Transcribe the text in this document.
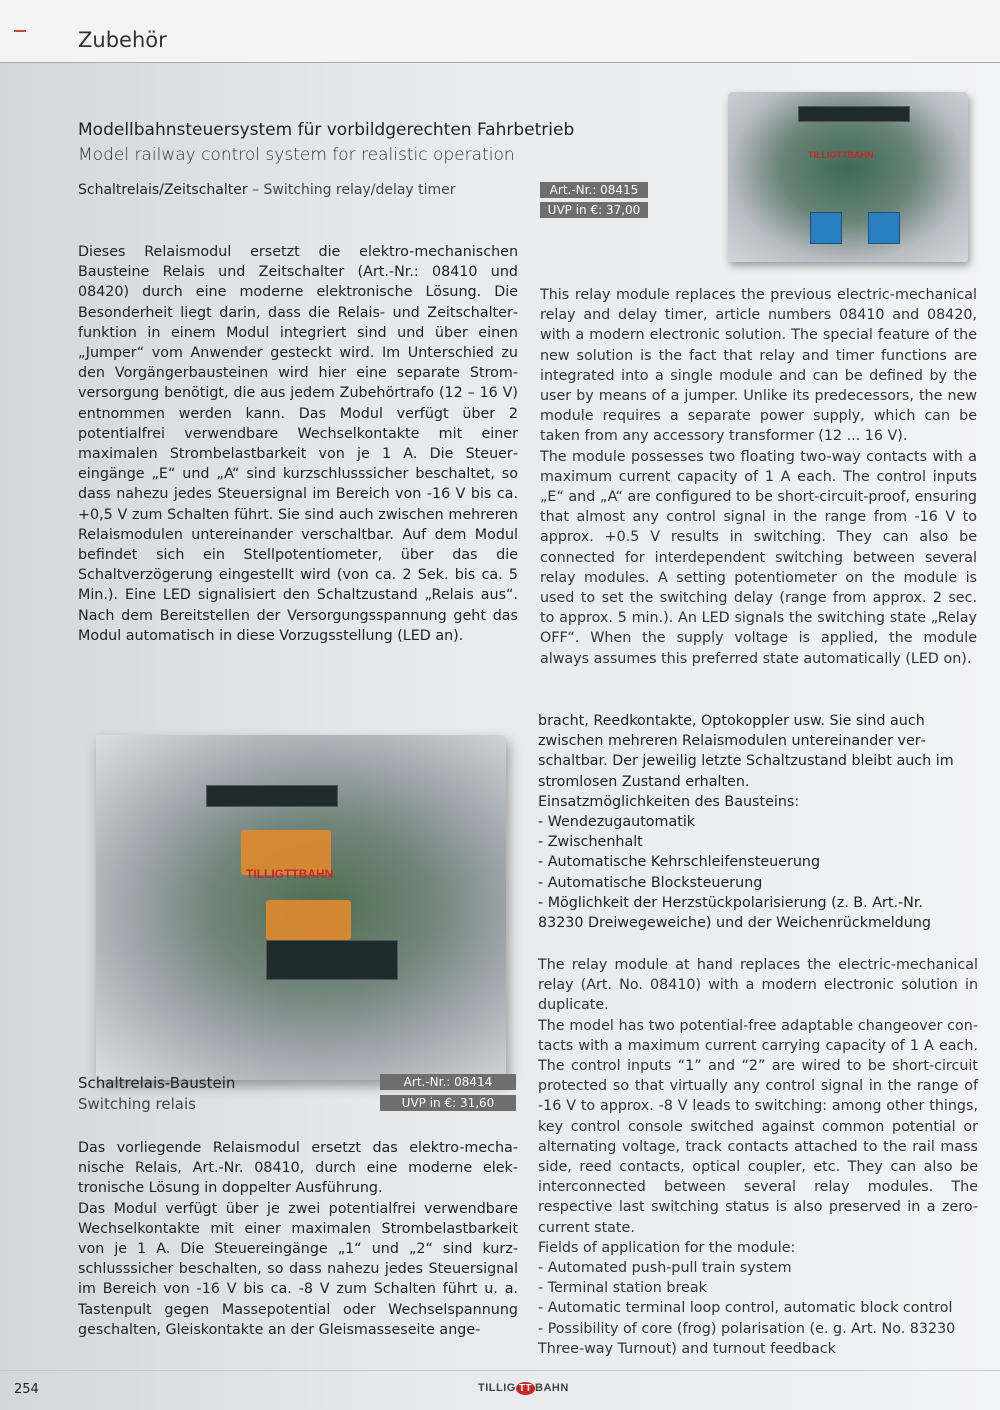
Zubehör
Modellbahnsteuersystem für vorbildgerechten Fahrbetrieb
Model railway control system for realistic operation
Schaltrelais/Zeitschalter – Switching relay/delay timer	Art.-Nr.: 08415
UVP in €: 37,00
TILLIGTTBAHN

Dieses Relaismodul ersetzt die elektro-mechanischen Bausteine Relais und Zeitschalter (Art.-Nr.: 08410 und 08420) durch eine moderne elektronische Lösung. Die Besonderheit liegt darin, dass die Relais- und Zeitschalterfunktion in einem Modul integriert sind und über einen „Jumper“ vom Anwender gesteckt wird. Im Unterschied zu den Vorgängerbausteinen wird hier eine separate Stromversorgung benötigt, die aus jedem Zubehörtrafo (12 – 16 V) entnommen werden kann. Das Modul verfügt über 2 potentialfrei verwendbare Wechselkontakte mit einer maximalen Strombelastbarkeit von je 1 A. Die Steuereingänge „E“ und „A“ sind kurzschlusssicher beschaltet, so dass nahezu jedes Steuersignal im Bereich von -16 V bis ca. +0,5 V zum Schalten führt. Sie sind auch zwischen mehreren Relaismodulen untereinander verschaltbar. Auf dem Modul befindet sich ein Stellpotentiometer, über das die Schaltverzögerung eingestellt wird (von ca. 2 Sek. bis ca. 5 Min.). Eine LED signalisiert den Schaltzustand „Relais aus“. Nach dem Bereitstellen der Versorgungsspannung geht das Modul automatisch in diese Vorzugsstellung (LED an).

This relay module replaces the previous electric-mechanical relay and delay timer, article numbers 08410 and 08420, with a modern electronic solution. The special feature of the new solution is the fact that relay and timer functions are integrated into a single module and can be defined by the user by means of a jumper. Unlike its predecessors, the new module requires a separate power supply, which can be taken from any accessory transformer (12 ... 16 V).
The module possesses two floating two-way contacts with a maximum current capacity of 1 A each. The control inputs „E“ and „A“ are configured to be short-circuit-proof, ensuring that almost any control signal in the range from -16 V to approx. +0.5 V results in switching. They can also be connected for interdependent switching between several relay modules. A setting potentiometer on the module is used to set the switching delay (range from approx. 2 sec. to approx. 5 min.). An LED signals the switching state „Relay OFF“. When the supply voltage is applied, the module always assumes this preferred state automatically (LED on).

TILLIGTTBAHN
Schaltrelais-Baustein
Switching relais
Art.-Nr.: 08414
UVP in €: 31,60

Das vorliegende Relaismodul ersetzt das elektro-mechanische Relais, Art.-Nr. 08410, durch eine moderne elektronische Lösung in doppelter Ausführung.
Das Modul verfügt über je zwei potentialfrei verwendbare Wechselkontakte mit einer maximalen Strombelastbarkeit von je 1 A. Die Steuereingänge „1“ und „2“ sind kurzschlusssicher beschalten, so dass nahezu jedes Steuersignal im Bereich von -16 V bis ca. -8 V zum Schalten führt u. a. Tastenpult gegen Massepotential oder Wechselspannung geschalten, Gleiskontakte an der Gleismasseseite ange-

bracht, Reedkontakte, Optokoppler usw. Sie sind auch zwischen mehreren Relaismodulen untereinander verschaltbar. Der jeweilig letzte Schaltzustand bleibt auch im stromlosen Zustand erhalten.
Einsatzmöglichkeiten des Bausteins:
- Wendezugautomatik
- Zwischenhalt
- Automatische Kehrschleifensteuerung
- Automatische Blocksteuerung
- Möglichkeit der Herzstückpolarisierung (z. B. Art.-Nr.
83230 Dreiwegeweiche) und der Weichenrückmeldung

The relay module at hand replaces the electric-mechanical relay (Art. No. 08410) with a modern electronic solution in duplicate.
The model has two potential-free adaptable changeover contacts with a maximum current carrying capacity of 1 A each. The control inputs “1” and “2” are wired to be short-circuit protected so that virtually any control signal in the range of -16 V to approx. -8 V leads to switching: among other things, key control console switched against common potential or alternating voltage, track contacts attached to the rail mass side, reed contacts, optical coupler, etc. They can also be interconnected between several relay modules. The respective last switching status is also preserved in a zero-current state.
Fields of application for the module:
- Automated push-pull train system
- Terminal station break
- Automatic terminal loop control, automatic block control
- Possibility of core (frog) polarisation (e. g. Art. No. 83230
Three-way Turnout) and turnout feedback

254	TILLIG TT BAHN
